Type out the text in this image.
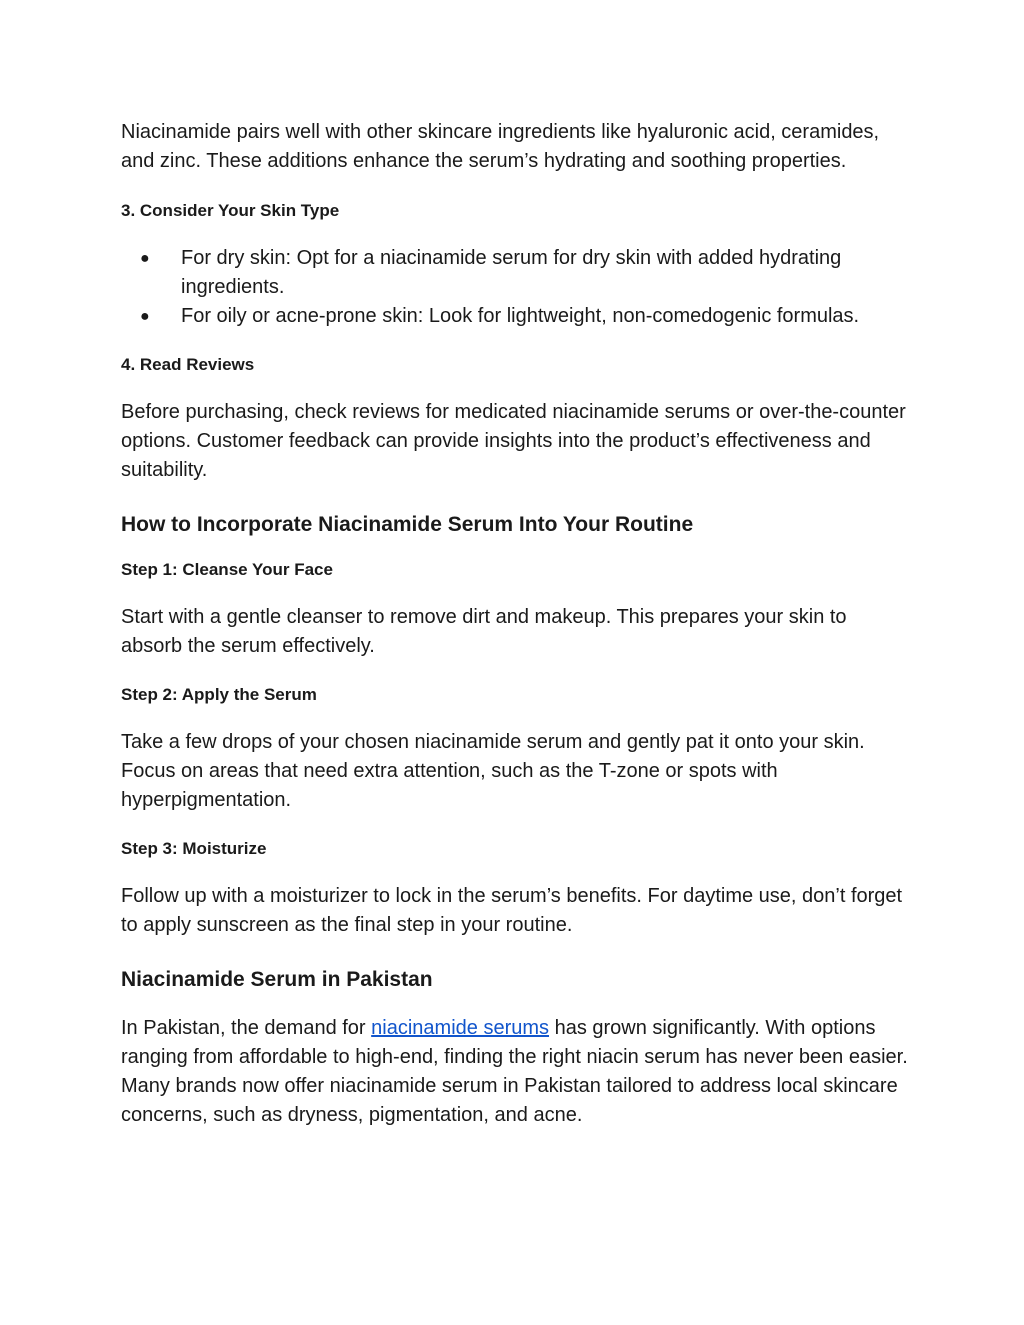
Niacinamide pairs well with other skincare ingredients like hyaluronic acid, ceramides, and zinc. These additions enhance the serum’s hydrating and soothing properties.

3. Consider Your Skin Type
● For dry skin: Opt for a niacinamide serum for dry skin with added hydrating ingredients.
● For oily or acne-prone skin: Look for lightweight, non-comedogenic formulas.
4. Read Reviews

Before purchasing, check reviews for medicated niacinamide serums or over-the-counter options. Customer feedback can provide insights into the product’s effectiveness and suitability.

How to Incorporate Niacinamide Serum Into Your Routine
Step 1: Cleanse Your Face

Start with a gentle cleanser to remove dirt and makeup. This prepares your skin to absorb the serum effectively.

Step 2: Apply the Serum

Take a few drops of your chosen niacinamide serum and gently pat it onto your skin. Focus on areas that need extra attention, such as the T-zone or spots with hyperpigmentation.

Step 3: Moisturize

Follow up with a moisturizer to lock in the serum’s benefits. For daytime use, don’t forget to apply sunscreen as the final step in your routine.

Niacinamide Serum in Pakistan

In Pakistan, the demand for niacinamide serums has grown significantly. With options ranging from affordable to high-end, finding the right niacin serum has never been easier. Many brands now offer niacinamide serum in Pakistan tailored to address local skincare concerns, such as dryness, pigmentation, and acne.
